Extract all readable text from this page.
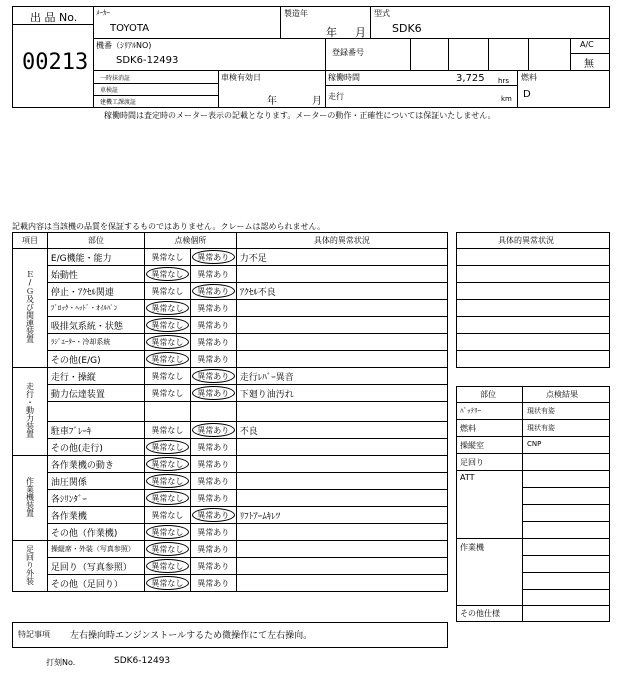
出 品 No.
00213
ﾒｰｶｰ
TOYOTA
製造年
年 月
型式
SDK6
機番（ｼﾘｱﾙNO)
SDK6-12493
登録番号
A/C
無
一時抹消証
車検証
建機工課渡証
車検有効日
年	月
稼働時間	3,725 hrs
走行	km
燃料
D
稼働時間は査定時のメーター表示の記載となります。メーターの動作・正確性については保証いたしません。
記載内容は当該機の品質を保証するものではありません。クレームは認められません。
項目	部位	点検個所		具体的異常状況
Ｅ/Ｇ及び関連装置	E/G機能・能力	異常なし	異常あり	力不足
	始動性	異常なし	異常あり	
	停止・ｱｸｾﾙ関連	異常なし	異常あり	ｱｸｾﾙ不良
	ﾌﾞﾛｯｸ・ﾍｯﾄﾞ・ｵｲﾙﾊﾟﾝ	異常なし	異常あり	
	吸排気系統・状態	異常なし	異常あり	
	ﾗｼﾞｴｰﾀｰ・冷却系統	異常なし	異常あり	
	その他(E/G)	異常なし	異常あり	
走行・動力装置	走行・操縦	異常なし	異常あり	走行ﾚﾊﾞｰ異音
	動力伝達装置	異常なし	異常あり	下廻り油汚れ

	駐車ﾌﾞﾚｰｷ	異常なし	異常あり	不良
	その他(走行)	異常なし	異常あり	
作業機装置	各作業機の動き	異常なし	異常あり	
	油圧関係	異常なし	異常あり	
	各ｼﾘﾝﾀﾞｰ	異常なし	異常あり	
	各作業機	異常なし	異常あり	ﾘﾌﾄｱｰﾑｷﾚﾂ
	その他（作業機)	異常なし	異常あり	
足回り外装	操縦席・外装（写真参照）	異常なし	異常あり	
	足回り（写真参照）	異常なし	異常あり	
	その他（足回り）	異常なし	異常あり	
具体的異常状況
部位	点検結果
ﾊﾞｯﾃﾘｰ	現状有姿
燃料	現状有姿
操縦室	CNP
足回り
ATT
作業機
その他仕様
特記事項 左右操向時エンジンストールするため微操作にて左右操向。
打刻No.	SDK6-12493
